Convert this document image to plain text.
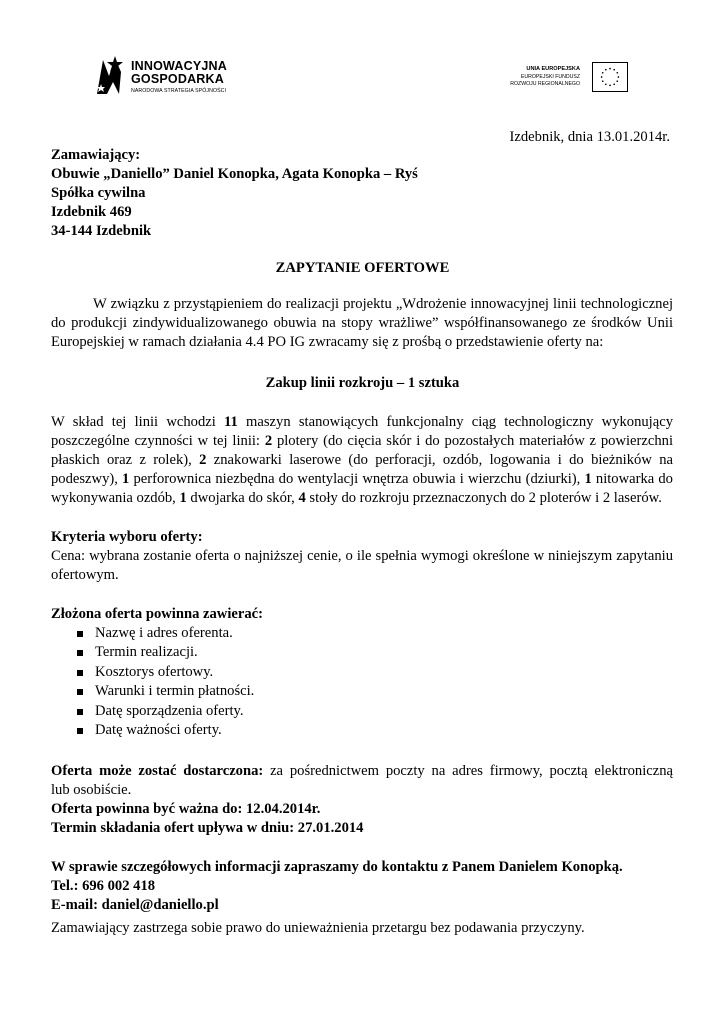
INNOWACYJNA
GOSPODARKA
NARODOWA STRATEGIA SPÓJNOŚCI
UNIA EUROPEJSKA
EUROPEJSKI FUNDUSZ
ROZWOJU REGIONALNEGO
Izdebnik, dnia 13.01.2014r.
Zamawiający:
Obuwie „Daniello” Daniel Konopka, Agata Konopka – Ryś
Spółka cywilna
Izdebnik 469
34-144 Izdebnik
ZAPYTANIE OFERTOWE
W związku z przystąpieniem do realizacji projektu „Wdrożenie innowacyjnej linii technologicznej
do produkcji zindywidualizowanego obuwia na stopy wrażliwe” współfinansowanego ze środków Unii
Europejskiej w ramach działania 4.4 PO IG zwracamy się z prośbą o przedstawienie oferty na:
Zakup linii rozkroju – 1 sztuka
W skład tej linii wchodzi 11 maszyn stanowiących funkcjonalny ciąg technologiczny wykonujący
poszczególne czynności w tej linii: 2 plotery (do cięcia skór i do pozostałych materiałów z powierzchni
płaskich oraz z rolek), 2 znakowarki laserowe (do perforacji, ozdób, logowania i do bieżników na
podeszwy), 1 perforownica niezbędna do wentylacji wnętrza obuwia i wierzchu (dziurki), 1 nitowarka do
wykonywania ozdób, 1 dwojarka do skór, 4 stoły do rozkroju przeznaczonych do 2 ploterów i 2 laserów.
Kryteria wyboru oferty:
Cena: wybrana zostanie oferta o najniższej cenie, o ile spełnia wymogi określone w niniejszym zapytaniu
ofertowym.
Złożona oferta powinna zawierać:
Nazwę i adres oferenta.
Termin realizacji.
Kosztorys ofertowy.
Warunki i termin płatności.
Datę sporządzenia oferty.
Datę ważności oferty.
Oferta może zostać dostarczona: za pośrednictwem poczty na adres firmowy, pocztą elektroniczną
lub osobiście.
Oferta powinna być ważna do: 12.04.2014r.
Termin składania ofert upływa w dniu: 27.01.2014
W sprawie szczegółowych informacji zapraszamy do kontaktu z Panem Danielem Konopką.
Tel.: 696 002 418
E-mail: daniel@daniello.pl
Zamawiający zastrzega sobie prawo do unieważnienia przetargu bez podawania przyczyny.
